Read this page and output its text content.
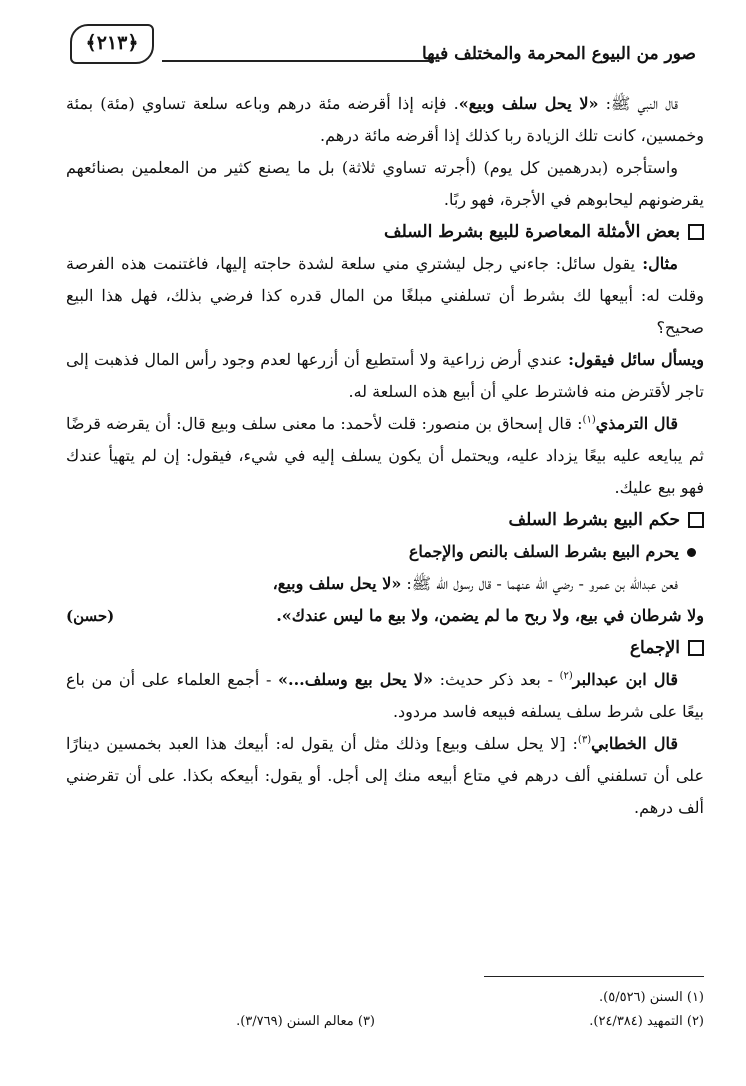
صور من البيوع المحرمة والمختلف فيها
﴿٢١٣﴾

قال النبي ﷺ: «لا يحل سلف وبيع». فإنه إذا أقرضه مئة درهم وباعه سلعة تساوي (مئة) بمئة وخمسين، كانت تلك الزيادة ربا كذلك إذا أقرضه مائة درهم.

واستأجره (بدرهمين كل يوم) (أجرته تساوي ثلاثة) بل ما يصنع كثير من المعلمين بصنائعهم يقرضونهم ليحابوهم في الأجرة، فهو ربًا.

بعض الأمثلة المعاصرة للبيع بشرط السلف

مثال: يقول سائل: جاءني رجل ليشتري مني سلعة لشدة حاجته إليها، فاغتنمت هذه الفرصة وقلت له: أبيعها لك بشرط أن تسلفني مبلغًا من المال قدره كذا فرضي بذلك، فهل هذا البيع صحيح؟

ويسأل سائل فيقول: عندي أرض زراعية ولا أستطيع أن أزرعها لعدم وجود رأس المال فذهبت إلى تاجر لأقترض منه فاشترط علي أن أبيع هذه السلعة له.

قال الترمذي$^{(١)}$: قال إسحاق بن منصور: قلت لأحمد: ما معنى سلف وبيع قال: أن يقرضه قرضًا ثم يبايعه عليه بيعًا يزداد عليه، ويحتمل أن يكون يسلف إليه في شيء، فيقول: إن لم يتهيأ عندك فهو بيع عليك.

حكم البيع بشرط السلف
يحرم البيع بشرط السلف بالنص والإجماع

فعن عبدالله بن عمرو - رضي الله عنهما - قال رسول الله ﷺ: «لا يحل سلف وبيع،

ولا شرطان في بيع، ولا ربح ما لم يضمن، ولا بيع ما ليس عندك».
(حسن)
الإجماع

قال ابن عبدالبر$^{(٢)}$ - بعد ذكر حديث: «لا يحل بيع وسلف...» - أجمع العلماء على أن من باع بيعًا على شرط سلف يسلفه فبيعه فاسد مردود.

قال الخطابي$^{(٣)}$: [لا يحل سلف وبيع] وذلك مثل أن يقول له: أبيعك هذا العبد بخمسين دينارًا على أن تسلفني ألف درهم في متاع أبيعه منك إلى أجل. أو يقول: أبيعكه بكذا. على أن تقرضني ألف درهم.

(١) السنن (٥/٥٢٦).
(٢) التمهيد (٢٤/٣٨٤).
(٣) معالم السنن (٣/٧٦٩).
